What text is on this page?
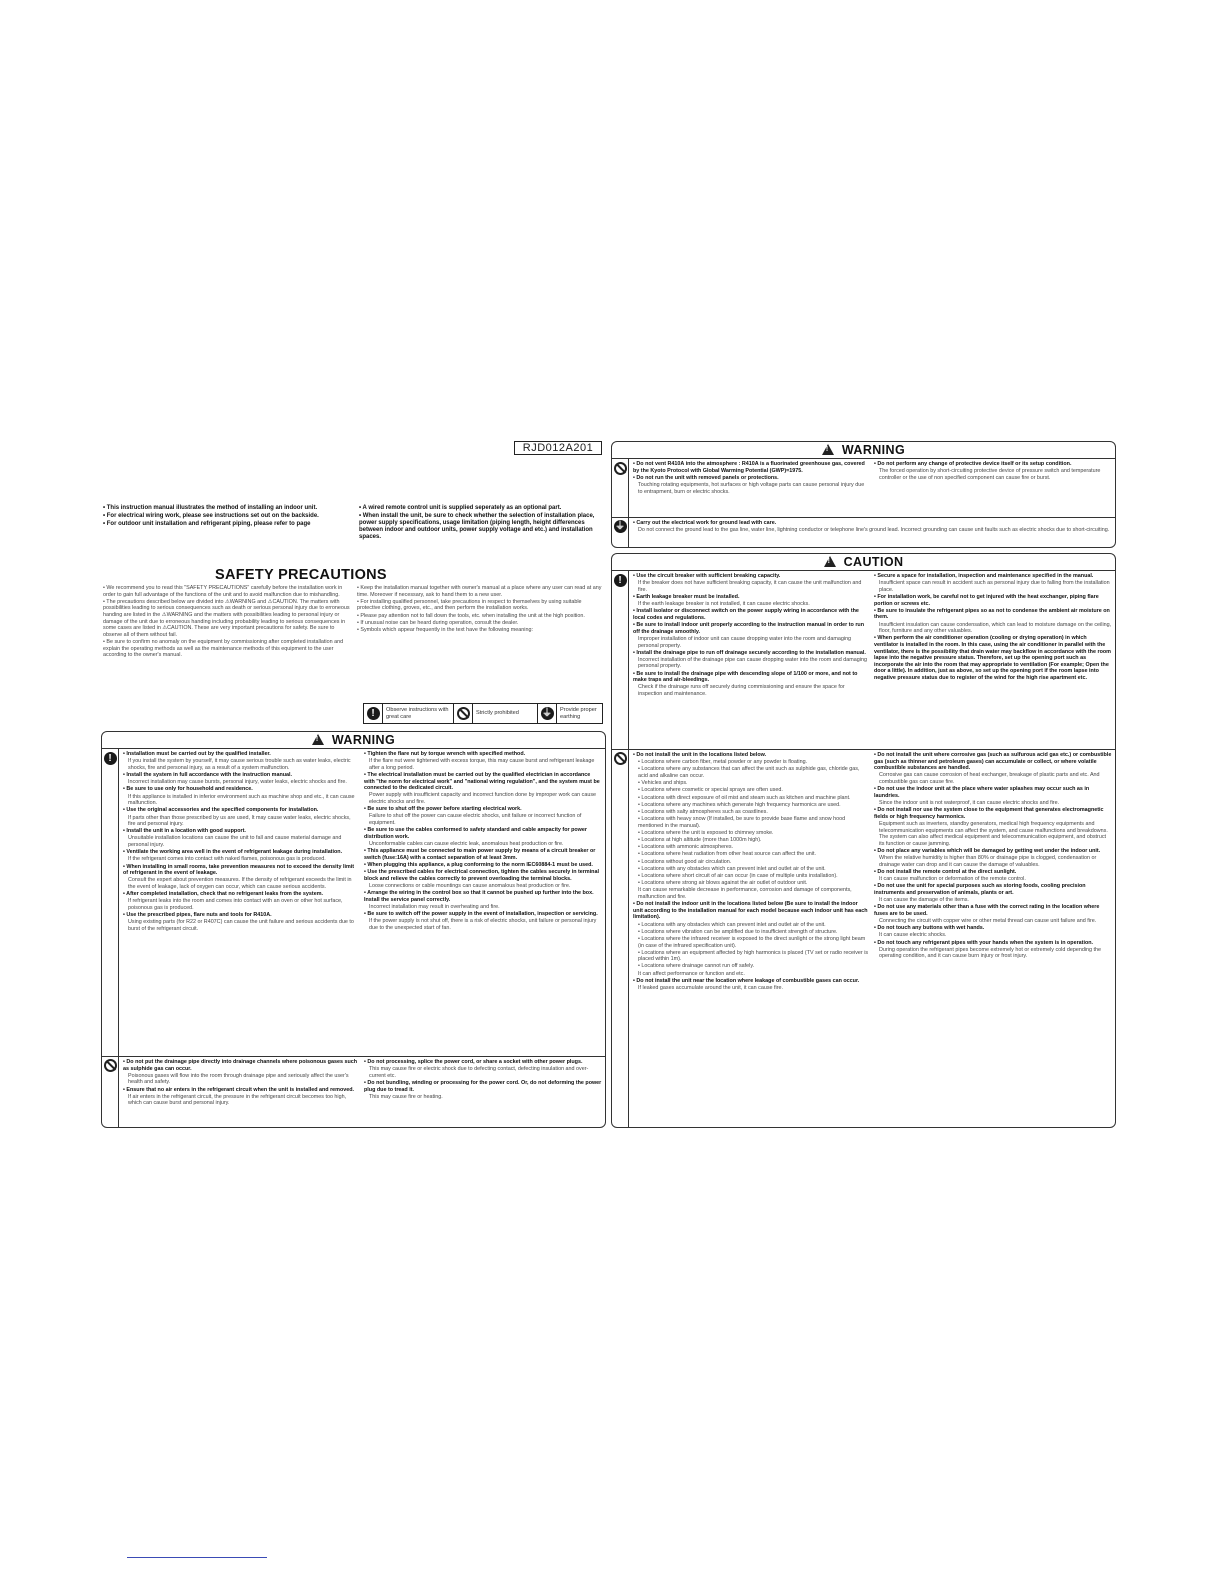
RJD012A201
• This instruction manual illustrates the method of installing an indoor unit.
• For electrical wiring work, please see instructions set out on the backside.
• For outdoor unit installation and refrigerant piping, please refer to page
• A wired remote control unit is supplied seperately as an optional part.
• When install the unit, be sure to check whether the selection of installation place, power supply specifications, usage limitation (piping length, height differences between indoor and outdoor units, power supply voltage and etc.) and installation spaces.
SAFETY PRECAUTIONS
• We recommend you to read this "SAFETY PRECAUTIONS" carefully before the installation work in order to gain full advantage of the functions of the unit and to avoid malfunction due to mishandling.
• The precautions described below are divided into ⚠WARNING and ⚠CAUTION. The matters with possibilities leading to serious consequences such as death or serious personal injury due to erroneous handing are listed in the ⚠WARNING and the matters with possibilities leading to personal injury or damage of the unit due to erroneous handing including probability leading to serious consequences in some cases are listed in ⚠CAUTION. These are very important precautions for safety. Be sure to observe all of them without fail.
• Be sure to confirm no anomaly on the equipment by commissioning after completed installation and explain the operating methods as well as the maintenance methods of this equipment to the user according to the owner's manual.
• Keep the installation manual together with owner's manual at a place where any user can read at any time. Moreover if necessary, ask to hand them to a new user.
• For installing qualified personnel, take precautions in respect to themselves by using suitable protective clothing, groves, etc., and then perform the installation works.
• Please pay attention not to fall down the tools, etc. when installing the unit at the high position.
• If unusual noise can be heard during operation, consult the dealer.
• Symbols which appear frequently in the text have the following meaning:
!	Observe instructions with great care
Strictly prohibited	⏚	Provide proper earthing
!WARNING
!	• Installation must be carried out by the qualified installer.
If you install the system by yourself, it may cause serious trouble such as water leaks, electric shocks, fire and personal injury, as a result of a system malfunction.
• Install the system in full accordance with the instruction manual.
Incorrect installation may cause bursts, personal injury, water leaks, electric shocks and fire.
• Be sure to use only for household and residence.
If this appliance is installed in inferior environment such as machine shop and etc., it can cause malfunction.
• Use the original accessories and the specified components for installation.
If parts other than those prescribed by us are used, It may cause water leaks, electric shocks, fire and personal injury.
• Install the unit in a location with good support.
Unsuitable installation locations can cause the unit to fall and cause material damage and personal injury.
• Ventilate the working area well in the event of refrigerant leakage during installation.
If the refrigerant comes into contact with naked flames, poisonous gas is produced.
• When installing in small rooms, take prevention measures not to exceed the density limit of refrigerant in the event of leakage.
Consult the expert about prevention measures. If the density of refrigerant exceeds the limit in the event of leakage, lack of oxygen can occur, which can cause serious accidents.
• After completed installation, check that no refrigerant leaks from the system.
If refrigerant leaks into the room and comes into contact with an oven or other hot surface, poisonous gas is produced.
• Use the prescribed pipes, flare nuts and tools for R410A.
Using existing parts (for R22 or R407C) can cause the unit failure and serious accidents due to burst of the refrigerant circuit.
• Tighten the flare nut by torque wrench with specified method.
If the flare nut were tightened with excess torque, this may cause burst and refrigerant leakage after a long period.
• The electrical installation must be carried out by the qualified electrician in accordance with "the norm for electrical work" and "national wiring regulation", and the system must be connected to the dedicated circuit.
Power supply with insufficient capacity and incorrect function done by improper work can cause electric shocks and fire.
• Be sure to shut off the power before starting electrical work.
Failure to shut off the power can cause electric shocks, unit failure or incorrect function of equipment.
• Be sure to use the cables conformed to safety standard and cable ampacity for power distribution work.
Unconformable cables can cause electric leak, anomalous heat production or fire.
• This appliance must be connected to main power supply by means of a circuit breaker or switch (fuse:16A) with a contact separation of at least 3mm.
• When plugging this appliance, a plug conforming to the norm IEC60884-1 must be used.
• Use the prescribed cables for electrical connection, tighten the cables securely in terminal block and relieve the cables correctly to prevent overloading the terminal blocks.
Loose connections or cable mountings can cause anomalous heat production or fire.
• Arrange the wiring in the control box so that it cannot be pushed up further into the box. Install the service panel correctly.
Incorrect installation may result in overheating and fire.
• Be sure to switch off the power supply in the event of installation, inspection or servicing.
If the power supply is not shut off, there is a risk of electric shocks, unit failure or personal injury due to the unexpected start of fan.
• Do not put the drainage pipe directly into drainage channels where poisonous gases such as sulphide gas can occur.
Poisonous gases will flow into the room through drainage pipe and seriously affect the user's health and safety.
• Ensure that no air enters in the refrigerant circuit when the unit is installed and removed.
If air enters in the refrigerant circuit, the pressure in the refrigerant circuit becomes too high, which can cause burst and personal injury.
• Do not processing, splice the power cord, or share a socket with other power plugs.
This may cause fire or electric shock due to defecting contact, defecting insulation and over-current etc.
• Do not bundling, winding or processing for the power cord. Or, do not deforming the power plug due to tread it.
This may cause fire or heating.
!WARNING
• Do not vent R410A into the atmosphere : R410A is a fluorinated greenhouse gas, covered by the Kyoto Protocol with Global Warming Potential (GWP)=1975.
• Do not run the unit with removed panels or protections.
Touching rotating equipments, hot surfaces or high voltage parts can cause personal injury due to entrapment, burn or electric shocks.
• Do not perform any change of protective device itself or its setup condition.
The forced operation by short-circuiting protective device of pressure switch and temperature controller or the use of non specified component can cause fire or burst.
⏚ • Carry out the electrical work for ground lead with care.
Do not connect the ground lead to the gas line, water line, lightning conductor or telephone line's ground lead. Incorrect grounding can cause unit faults such as electric shocks due to short-circuiting.
!CAUTION
!	• Use the circuit breaker with sufficient breaking capacity.
If the breaker does not have sufficient breaking capacity, it can cause the unit malfunction and fire.
• Earth leakage breaker must be installed.
If the earth leakage breaker is not installed, it can cause electric shocks.
• Install isolator or disconnect switch on the power supply wiring in accordance with the local codes and regulations.
• Be sure to install indoor unit properly according to the instruction manual in order to run off the drainage smoothly.
Improper installation of indoor unit can cause dropping water into the room and damaging personal property.
• Install the drainage pipe to run off drainage securely according to the installation manual.
Incorrect installation of the drainage pipe can cause dropping water into the room and damaging personal property.
• Be sure to install the drainage pipe with descending slope of 1/100 or more, and not to make traps and air-bleedings.
Check if the drainage runs off securely during commissioning and ensure the space for inspection and maintenance.
• Secure a space for installation, inspection and maintenance specified in the manual.
Insufficient space can result in accident such as personal injury due to falling from the installation place.
• For installation work, be careful not to get injured with the heat exchanger, piping flare portion or screws etc.
• Be sure to insulate the refrigerant pipes so as not to condense the ambient air moisture on them.
Insufficient insulation can cause condensation, which can lead to moisture damage on the ceiling, floor, furniture and any other valuables.
• When perform the air conditioner operation (cooling or drying operation) in which ventilator is installed in the room. In this case, using the air conditioner in parallel with the ventilator, there is the possibility that drain water may backflow in accordance with the room lapse into the negative pressure status. Therefore, set up the opening port such as incorporate the air into the room that may appropriate to ventilation (For example; Open the door a little). In addition, just as above, so set up the opening port if the room lapse into negative pressure status due to register of the wind for the high rise apartment etc.
• Do not install the unit in the locations listed below.
• Locations where carbon fiber, metal powder or any powder is floating.
• Locations where any substances that can affect the unit such as sulphide gas, chloride gas, acid and alkaline can occur.
• Vehicles and ships.
• Locations where cosmetic or special sprays are often used.
• Locations with direct exposure of oil mist and steam such as kitchen and machine plant.
• Locations where any machines which generate high frequency harmonics are used.
• Locations with salty atmospheres such as coastlines.
• Locations with heavy snow (If installed, be sure to provide base flame and snow hood mentioned in the manual).
• Locations where the unit is exposed to chimney smoke.
• Locations at high altitude (more than 1000m high).
• Locations with ammonic atmospheres.
• Locations where heat radiation from other heat source can affect the unit.
• Locations without good air circulation.
• Locations with any obstacles which can prevent inlet and outlet air of the unit.
• Locations where short circuit of air can occur (in case of multiple units installation).
• Locations where strong air blows against the air outlet of outdoor unit.
It can cause remarkable decrease in performance, corrosion and damage of components, malfunction and fire.
• Do not install the indoor unit in the locations listed below (Be sure to install the indoor unit according to the installation manual for each model because each indoor unit has each limitation).
• Locations with any obstacles which can prevent inlet and outlet air of the unit.
• Locations where vibration can be amplified due to insufficient strength of structure.
• Locations where the infrared receiver is exposed to the direct sunlight or the strong light beam (in case of the infrared specification unit).
• Locations where an equipment affected by high harmonics is placed (TV set or radio receiver is placed within 1m).
• Locations where drainage cannot run off safely.
It can affect performance or function and etc.
• Do not install the unit near the location where leakage of combustible gases can occur.
If leaked gases accumulate around the unit, it can cause fire.
• Do not install the unit where corrosive gas (such as sulfurous acid gas etc.) or combustible gas (such as thinner and petroleum gases) can accumulate or collect, or where volatile combustible substances are handled.
Corrosive gas can cause corrosion of heat exchanger, breakage of plastic parts and etc. And combustible gas can cause fire.
• Do not use the indoor unit at the place where water splashes may occur such as in laundries.
Since the indoor unit is not waterproof, it can cause electric shocks and fire.
• Do not install nor use the system close to the equipment that generates electromagnetic fields or high frequency harmonics.
Equipment such as inverters, standby generators, medical high frequency equipments and telecommunication equipments can affect the system, and cause malfunctions and breakdowns. The system can also affect medical equipment and telecommunication equipment, and obstruct its function or cause jamming.
• Do not place any variables which will be damaged by getting wet under the indoor unit.
When the relative humidity is higher than 80% or drainage pipe is clogged, condensation or drainage water can drop and it can cause the damage of valuables.
• Do not install the remote control at the direct sunlight.
It can cause malfunction or deformation of the remote control.
• Do not use the unit for special purposes such as storing foods, cooling precision instruments and preservation of animals, plants or art.
It can cause the damage of the items.
• Do not use any materials other than a fuse with the correct rating in the location where fuses are to be used.
Connecting the circuit with copper wire or other metal thread can cause unit failure and fire.
• Do not touch any buttons with wet hands.
It can cause electric shocks.
• Do not touch any refrigerant pipes with your hands when the system is in operation.
During operation the refrigerant pipes become extremely hot or extremely cold depending the operating condition, and it can cause burn injury or frost injury.
